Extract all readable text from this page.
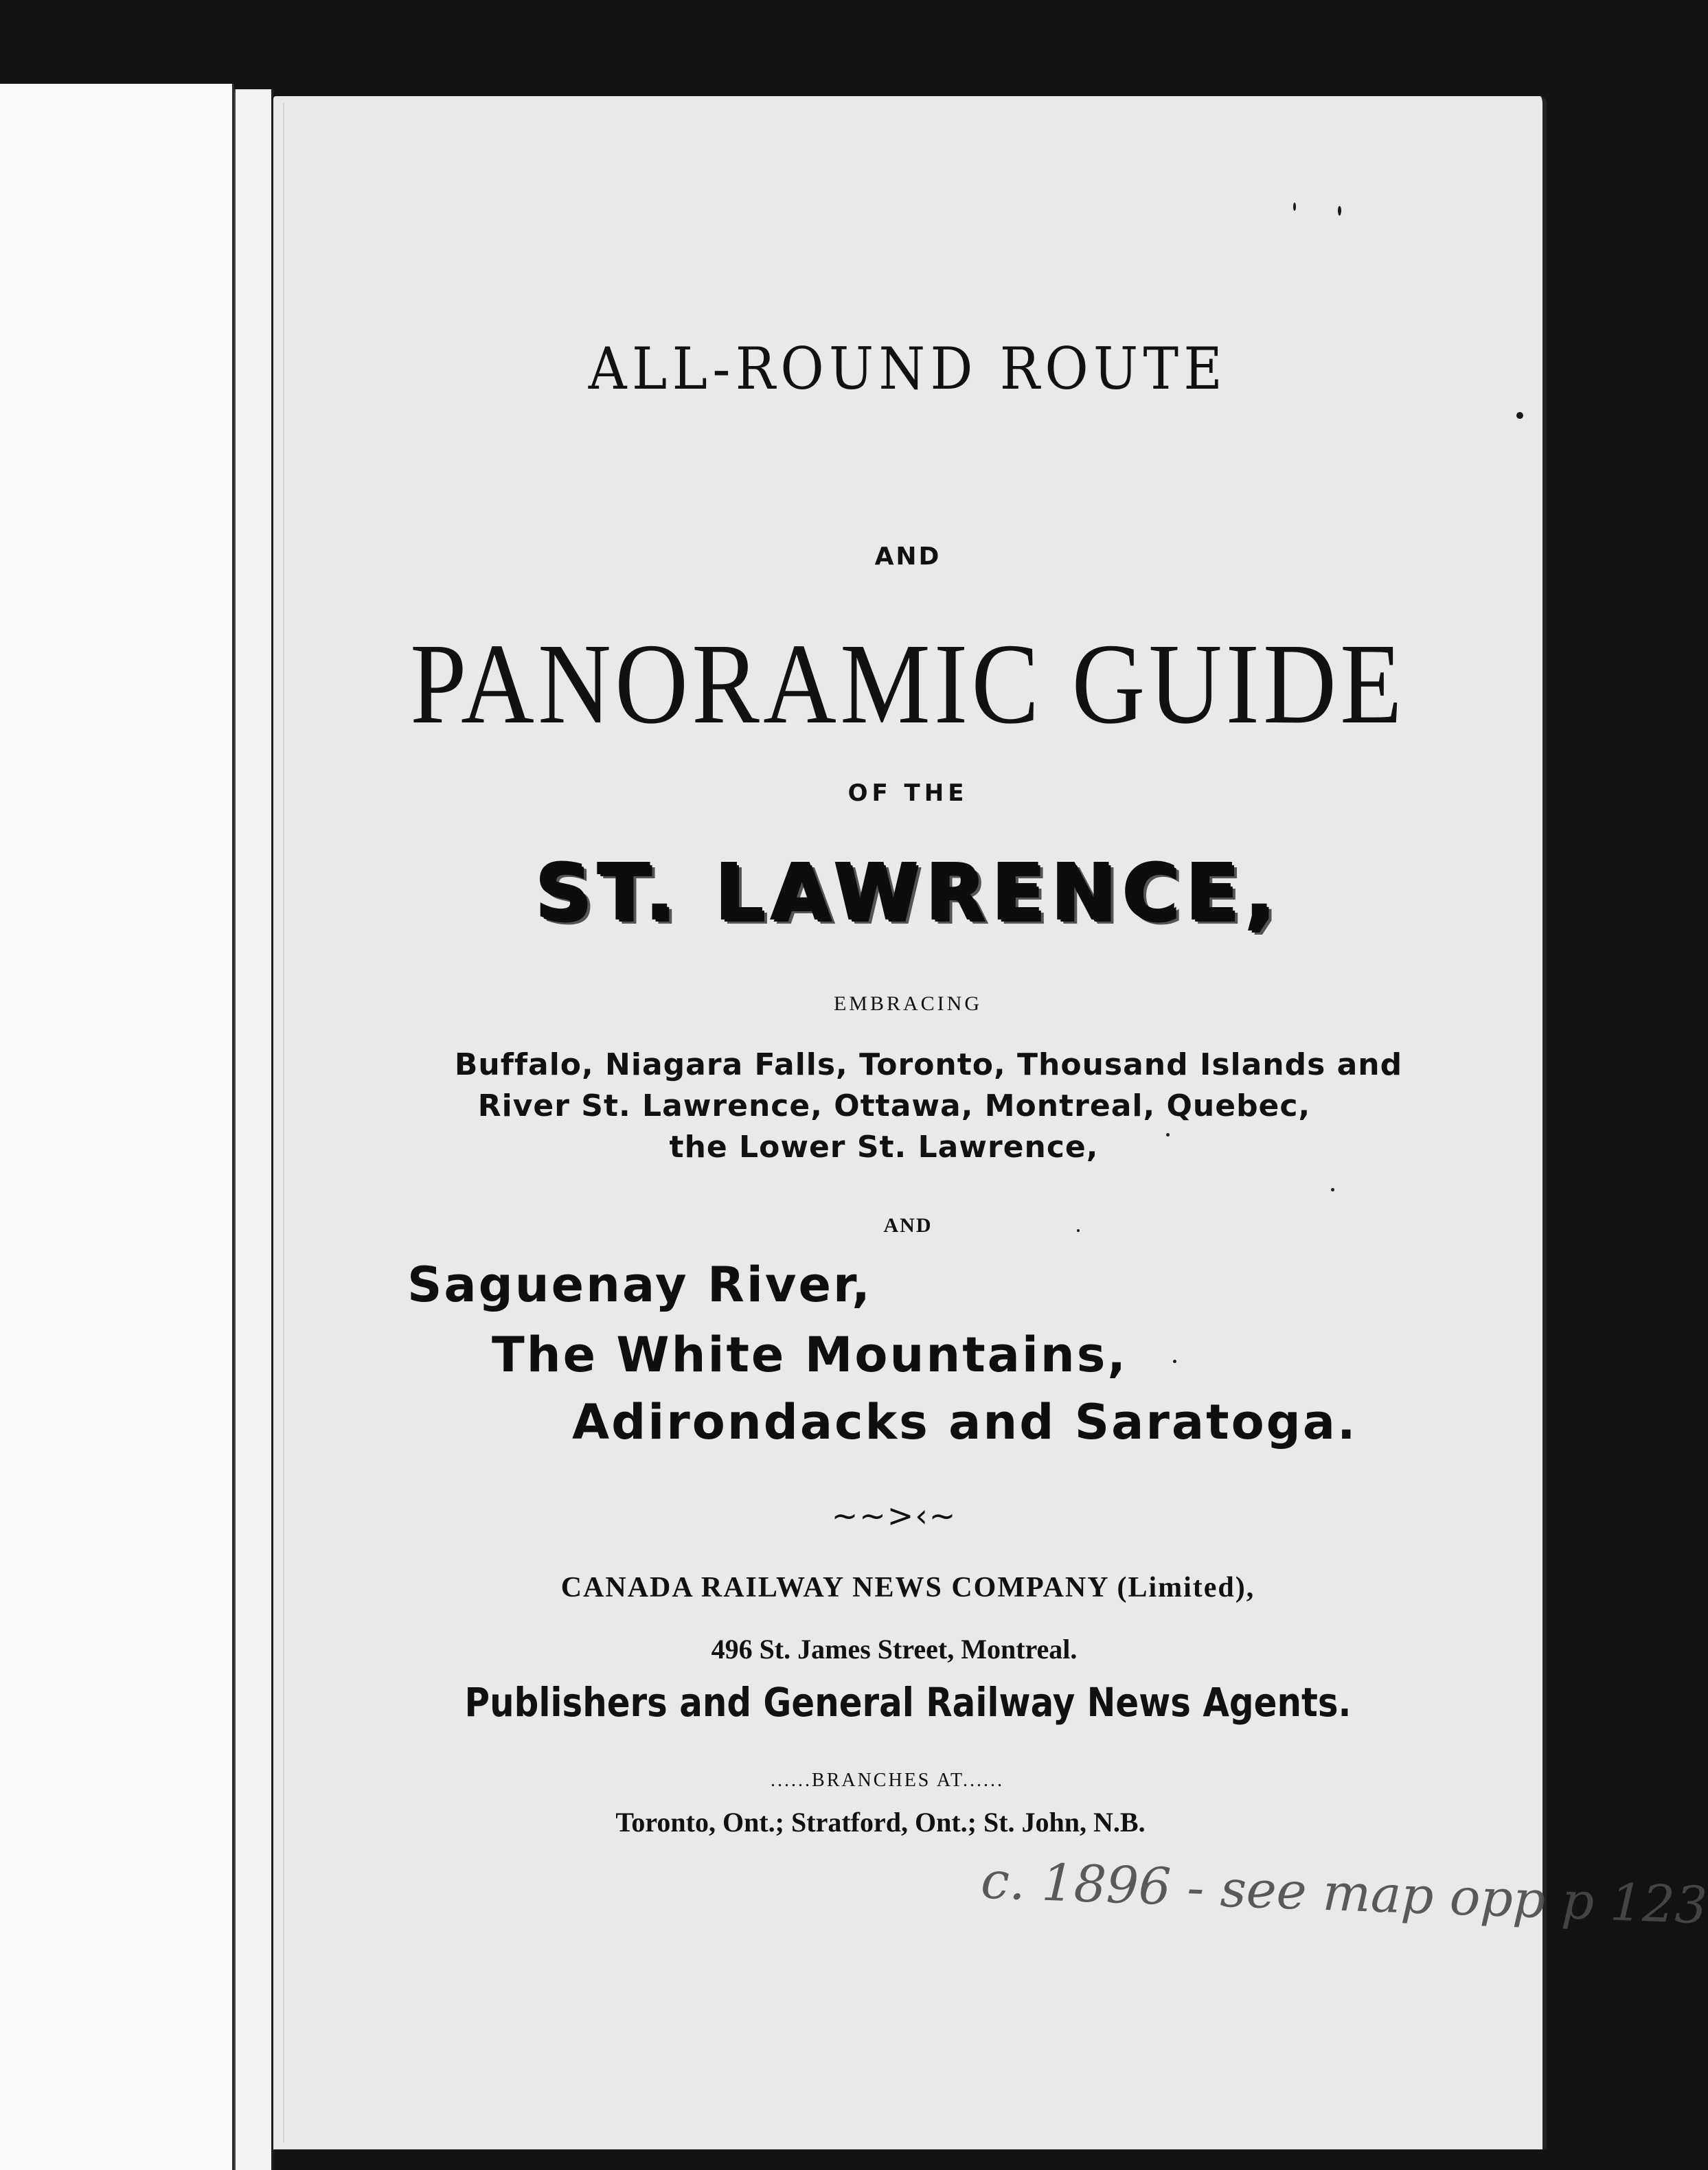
ALL-ROUND ROUTE
AND
PANORAMIC GUIDE
OF THE
ST. LAWRENCE,
EMBRACING
Buffalo, Niagara Falls, Toronto, Thousand Islands and
River St. Lawrence, Ottawa, Montreal, Quebec,
the Lower St. Lawrence,
AND
Saguenay River,
The White Mountains,
Adirondacks and Saratoga.
~~>‹~
CANADA RAILWAY NEWS COMPANY (Limited),
496 St. James Street, Montreal.
Publishers and General Railway News Agents.
......BRANCHES AT......
Toronto, Ont.; Stratford, Ont.; St. John, N.B.
c. 1896 - see map opp p 123
